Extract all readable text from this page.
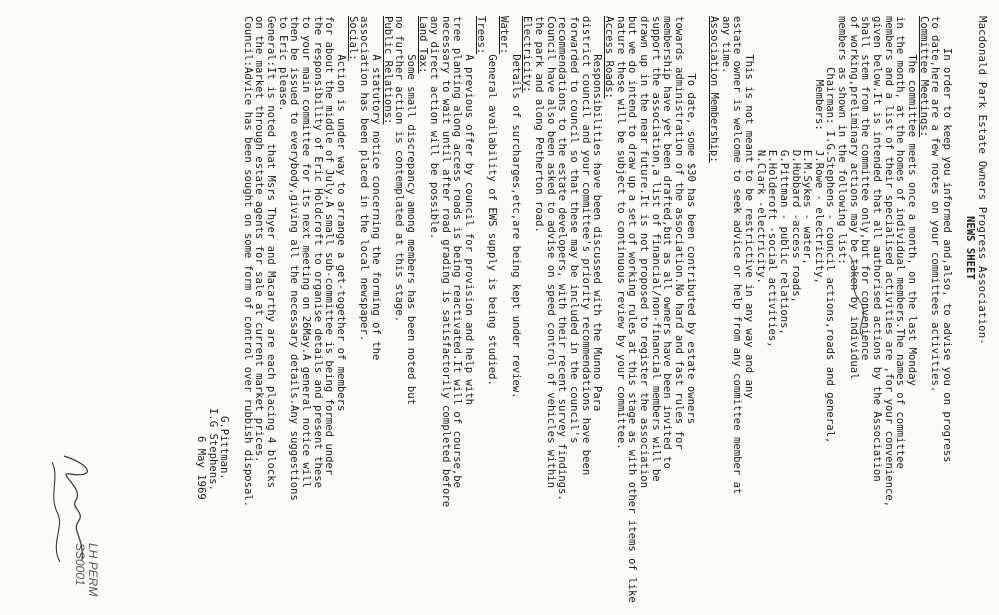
LH PERM
SS0001
Macdonald Park Estate Owners Progress Association-
NEWS SHEET
In order to keep you informed and,also, to advise you on progress
to date,here are a few notes on your committees activities.
Committee Meetings:
The committee meets once a month, on the last Monday
in the month, at the homes of individual members.The names of committee
members and a list of their specialised activities are ,for your convenience,
given below.It is intended that all authorised actions by the Association
shall stem from the committee only,but for convenience
of working,preliminary actions may be taken by individual
members as shown in the following list:
Chairman: I.G.Stephens - council actions,roads and general,
Members:   J.Rowe - electricity,
E.M.Sykes - water,
D.Hubbard -access roads,
G.Pittman - public relations,
E.Holderoft -social activities,
N.Clark -electricity.
This is not meant to be restrictive in any way and any
estate owner is welcome to seek advice or help from any committee member at
any time.
Association Membership:
To date, some $30 has been contributed by estate owners
towards administration of the association.No hard and fast rules for
membership have yet been drafted,but as all owners have been invited to
support the association,a list of financial/non-financial members will be
drawn up in the near future.It is not proposed to register the association
but we do intend to draw up a set of working rules at this stage as with other items of like
nature these will be subject to continuous review by your committee.
Access Roads:
Responsibilities have been discussed with the Munno Para
district council and your committee's priority recommendations have been
forwarded to council so that these may be included in the council's
recommendations to the estate developers, with their recent survey findings.
Council have also been asked to advise on speed control of vehicles within
the park and along Petherton road.
Electricity:
Details of surcharges,etc,are being kept under review.
Water:
General availability of EWS supply is being studied.
Trees:
A previous offer by council for provision and help with
tree planting along access roads is being reactivated.It will of course,be
necessary to wait until after road grading is satisfactorily completed before
any direct action will be possible.
Land Tax:
Some small discrepancy among members has been noted but
no further action is contemplated at this stage.
Public Relations:
A statutory notice concerning the forming of the
association has been placed in the local newspaper.
Social:
Action is under way to arrange a get-together of members
for about the middle of July.A small sub-committee is being formed under
the responsibility of Eric Holdcroft to organise details and present these
to your main committee for its next meeting on 26May.A general notice will
then be issued to everybody,giving all the necessary details.Any suggestions
to Eric please.
General:It is noted that Msrs Thyer and Macarthy are each placing 4 blocks
on the market through estate agents for sale at current market prices.
Council:Advice has been sought on some form of control over rubbish disposal.
G.Pittman.
I.G Stephens.
6 May 1969
